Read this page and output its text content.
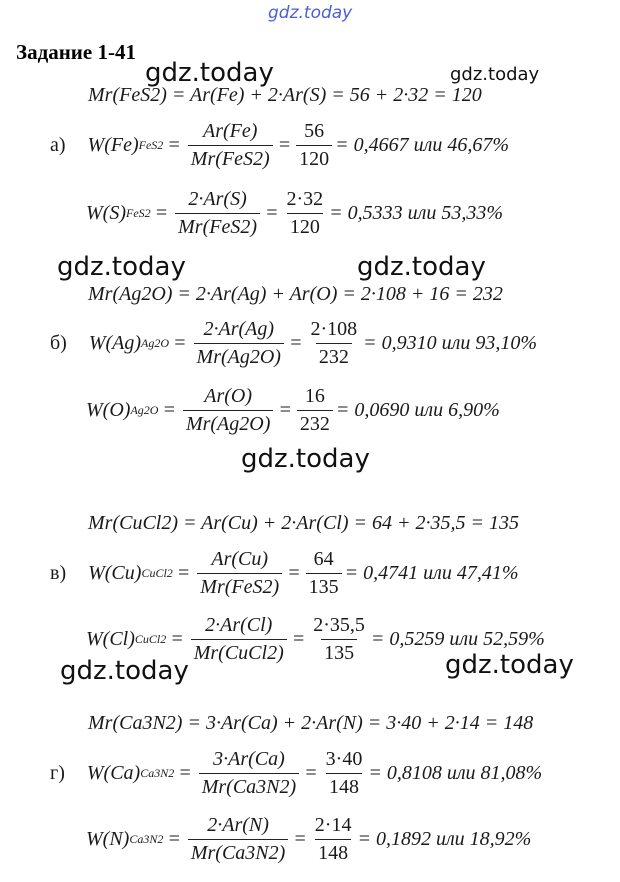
gdz.today
Задание 1-41
gdz.today	gdz.today
gdz.today	gdz.today
gdz.today
gdz.today	gdz.today
Mr(FeS2) = Ar(Fe) + 2·Ar(S) = 56 + 2·32 = 120
а) W(Fe) $FeS2 = \frac{Ar(Fe)}{\text{Mr(FeS2)}} = \frac{56}{120} = 0,4667$ или 46,67%
W(S) $FeS2 = \frac{2\cdot Ar(S)}{\text{Mr(FeS2)}} = \frac{2\cdot 32}{120} = 0,5333$ или 53,33%
Mr(Ag2O) = 2·Ar(Ag) + Ar(O) = 2·108 + 16 = 232
б) W(Ag) $Ag2O = \frac{2\cdot Ar(Ag)}{Mr(Ag2O)} = \frac{2\cdot 108}{232} = 0,9310$ или 93,10%
W(O) $Ag2O = \frac{Ar(O)}{Mr(Ag2O)} = \frac{16}{232} = 0,0690$ или 6,90%
Mr(CuCl2) = Ar(Cu) + 2·Ar(Cl) = 64 + 2·35,5 = 135
в) W(Cu) CuCl2 = $\frac{Ar(Cu)}{\text{Mr(FeS2)}} = \frac{64}{135} = 0,4741$ или 47,41%
W(Cl) CuCl2 = $\frac{2\cdot Ar(Cl)}{\text{Mr(CuCl2)}} = \frac{2\cdot 35,5}{135} = 0,5259$ или 52,59%
Mr(Ca3N2) = 3·Ar(Ca) + 2·Ar(N) = 3·40 + 2·14 = 148
г) W(Ca) $Ca3N2 = \frac{3\cdot Ar(Ca)}{Mr(Ca3N2)} = \frac{3\cdot 40}{148} = 0,8108$ или 81,08%
W(N) $Ca3N2 = \frac{2\cdot Ar(N)}{Mr(Ca3N2)} = \frac{2\cdot 14}{148} = 0,1892$ или 18,92%
